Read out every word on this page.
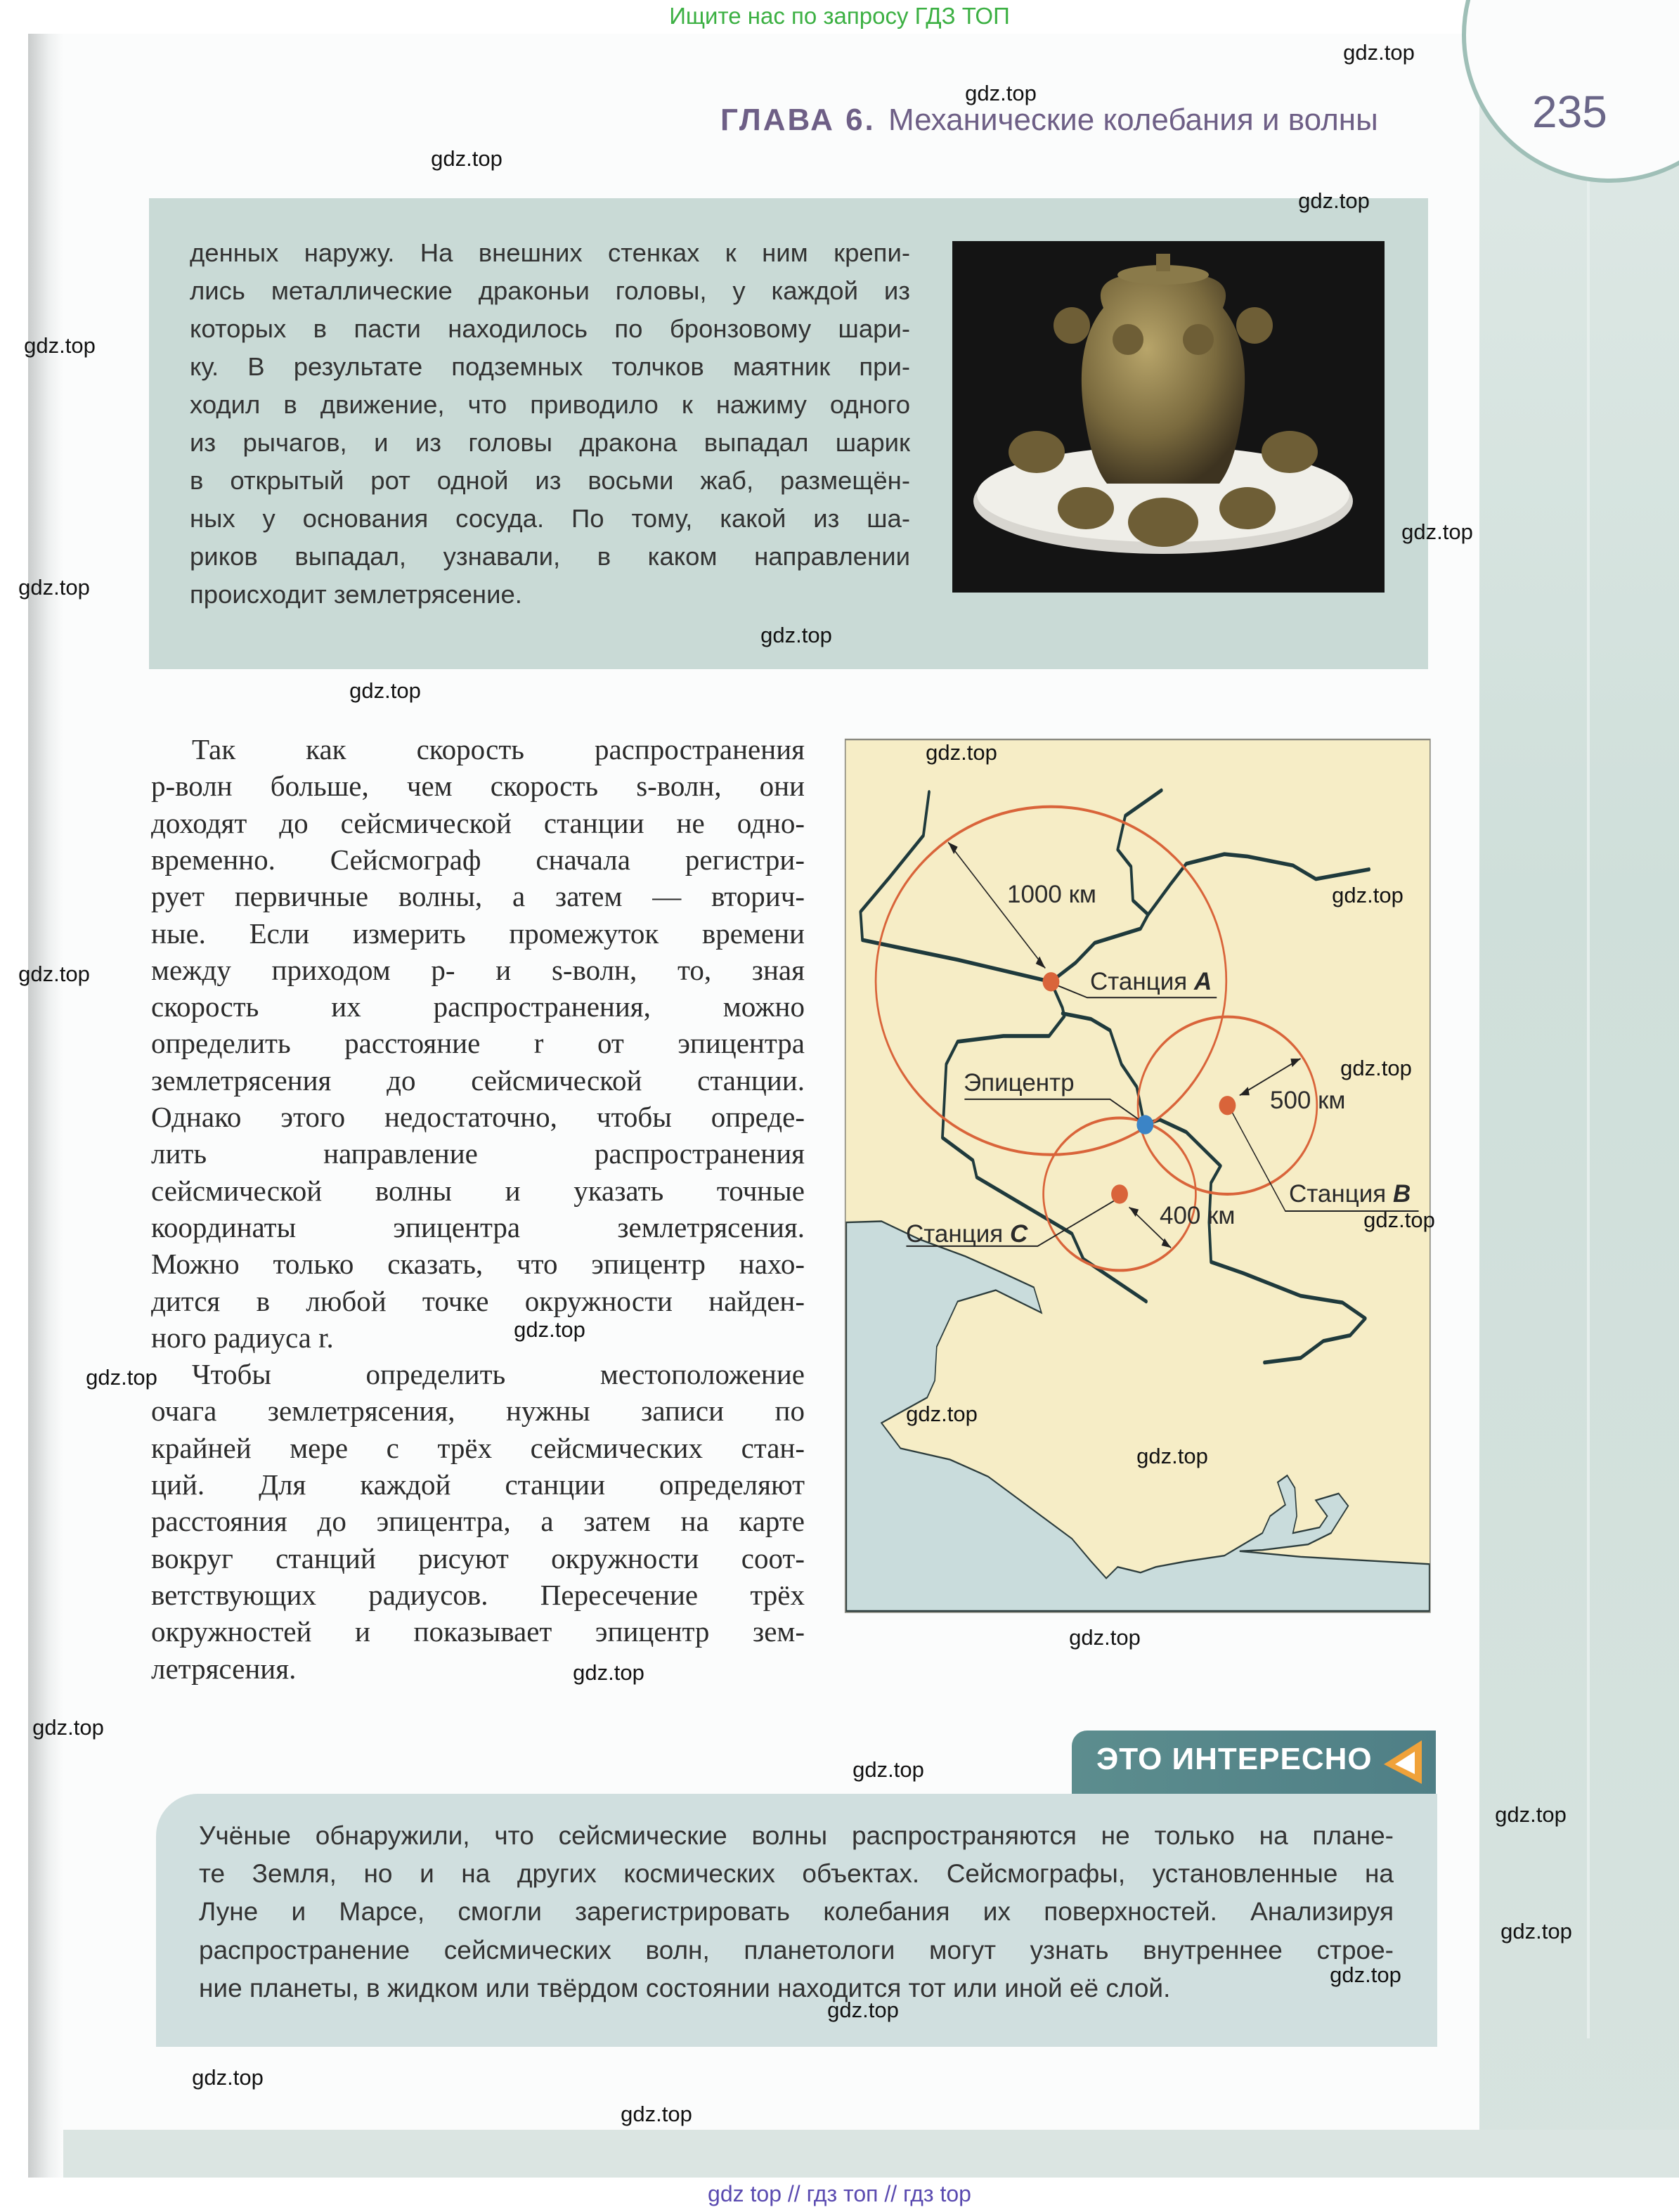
Ищите нас по запросу ГДЗ ТОП
ГЛАВА 6. Механические колебания и волны	235
денных наружу. На внешних стенках к ним крепи-
лись металлические драконьи головы, у каждой из
которых в пасти находилось по бронзовому шари-
ку. В результате подземных толчков маятник при-
ходил в движение, что приводило к нажиму одного
из рычагов, и из головы дракона выпадал шарик
в открытый рот одной из восьми жаб, размещён-
ных у основания сосуда. По тому, какой из ша-
риков выпадал, узнавали, в каком направлении
происходит землетрясение.
Так как скорость распространения
p-волн больше, чем скорость s-волн, они
доходят до сейсмической станции не одно-
временно. Сейсмограф сначала регистри-
рует первичные волны, а затем — вторич-
ные. Если измерить промежуток времени
между приходом p- и s-волн, то, зная
скорость их распространения, можно
определить расстояние r от эпицентра
землетрясения до сейсмической станции.
Однако этого недостаточно, чтобы опреде-
лить направление распространения
сейсмической волны и указать точные
координаты эпицентра землетрясения.
Можно только сказать, что эпицентр нахо-
дится в любой точке окружности найден-
ного радиуса r.
Чтобы определить местоположение
очага землетрясения, нужны записи по
крайней мере с трёх сейсмических стан-
ций. Для каждой станции определяют
расстояния до эпицентра, а затем на карте
вокруг станций рисуют окружности соот-
ветствующих радиусов. Пересечение трёх
окружностей и показывает эпицентр зем-
летрясения.
1000 км
Станция A
Эпицентр
500 км
Станция B
400 км
Станция C
ЭТО ИНТЕРЕСНО
Учёные обнаружили, что сейсмические волны распространяются не только на плане-
те Земля, но и на других космических объектах. Сейсмографы, установленные на
Луне и Марсе, смогли зарегистрировать колебания их поверхностей. Анализируя
распространение сейсмических волн, планетологи могут узнать внутреннее строе-
ние планеты, в жидком или твёрдом состоянии находится тот или иной её слой.
gdz.top
gdz.top
gdz.top
gdz.top
gdz.top
gdz.top
gdz.top
gdz.top
gdz.top
gdz.top
gdz.top
gdz.top
gdz.top
gdz.top
gdz.top
gdz.top
gdz.top
gdz.top
gdz.top
gdz.top
gdz.top
gdz.top
gdz.top
gdz.top
gdz.top
gdz.top
gdz.top
gdz.top
gdz top // гдз топ // гдз top
